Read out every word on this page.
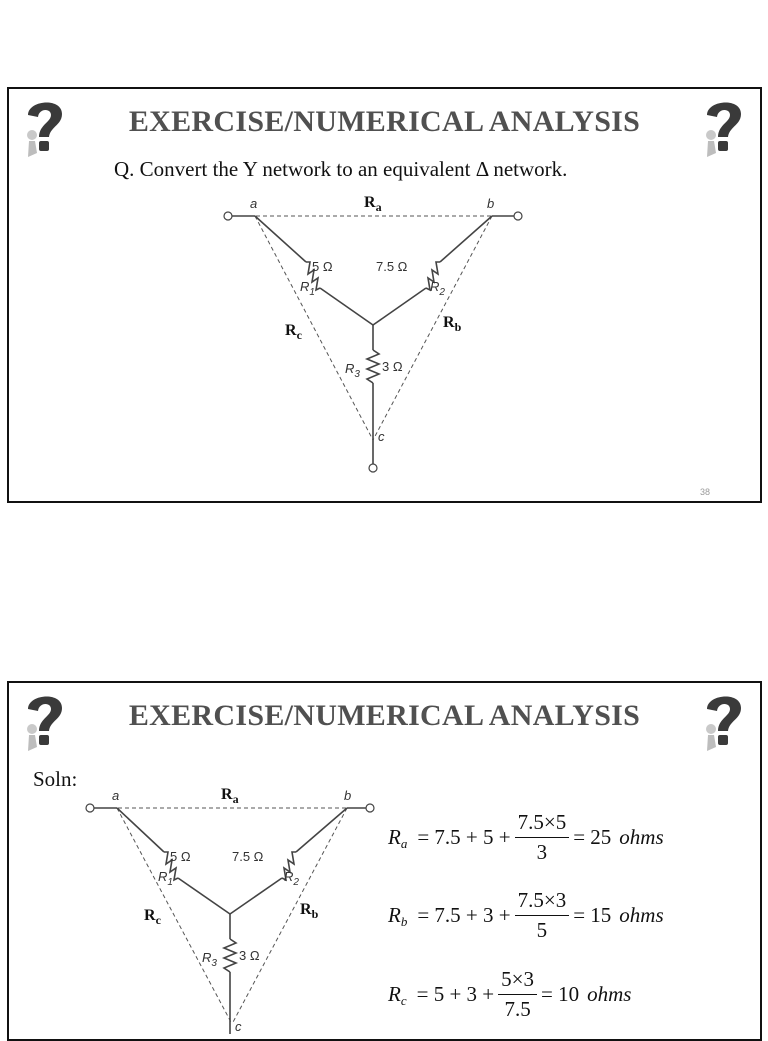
EXERCISE/NUMERICAL ANALYSIS
Q. Convert the Y network to an equivalent Δ network.
38
a	b
c
$R_a$
$R_b$
$R_c$
5 Ω	7.5 Ω
3 Ω
$R_1$	$R_2$
$R_3$
EXERCISE/NUMERICAL ANALYSIS
Soln:
a	b
c
$R_a$
$R_b$
$R_c$
5 Ω	7.5 Ω
3 Ω
$R_1$	$R_2$
$R_3$
R $a = 7.5 + 5 + \frac{7.5\times 5}{3} = 25$ ohms
R $b = 7.5 + 3 + \frac{7.5\times 3}{5} = 15$ ohms
R $c = 5 + 3 + \frac{5\times 3}{7.5} = 10$ ohms
